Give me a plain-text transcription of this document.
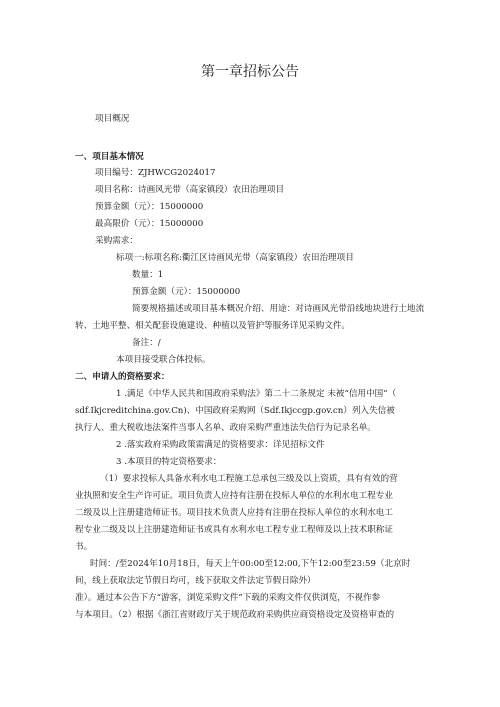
第一章招标公告
项目概况
一、项目基本情况
项目编号：ZJHWCG2024017
项目名称：诗画风光带（高家镇段）农田治理项目
预算金额（元）：15000000
最高限价（元）：15000000
采购需求：
标项一:标项名称:衢江区诗画风光带（高家镇段）农田治理项目
数量：1
预算金额（元）：15000000
简要规格描述或项目基本概况介绍、用途：对诗画风光带沿线地块进行土地流
转、土地平整、相关配套设施建设、种植以及管护等服务详见采购文件。
备注：/
本项目接受联合体投标。
二、申请人的资格要求：
1 .满足《中华人民共和国政府采购法》第二十二条规定 未被“信用中国”（
sdf.Ikjcreditchina.gov.Cn)、中国政府采购网（Sdf.Ikjccgp.gov.cn）列入失信被
执行人、重大税收违法案件当事人名单、政府采购严重违法失信行为记录名单。
2 .落实政府采购政策需满足的资格要求：详见招标文件
3 .本项目的特定资格要求：
（1）要求投标人具备水利水电工程施工总承包三级及以上资质，具有有效的营
业执照和安全生产许可证。项目负责人应持有注册在投标人单位的水利水电工程专业
二级及以上注册建造师证书。项目技术负责人应持有注册在投标人单位的水利水电工
程专业二级及以上注册建造师证书或具有水利水电工程专业工程师及以上技术职称证
书。
时间：/至2024年10月18日，每天上午00:00至12:00,下午12:00至23:59（北京时
间，线上获取法定节假日均可，线下获取文件法定节假日除外）
准）。通过本公告下方“游客，浏览采购文件”下载的采购文件仅供浏览，不视作参
与本项目。（2）根据《浙江省财政厅关于规范政府采购供应商资格设定及资格审查的
